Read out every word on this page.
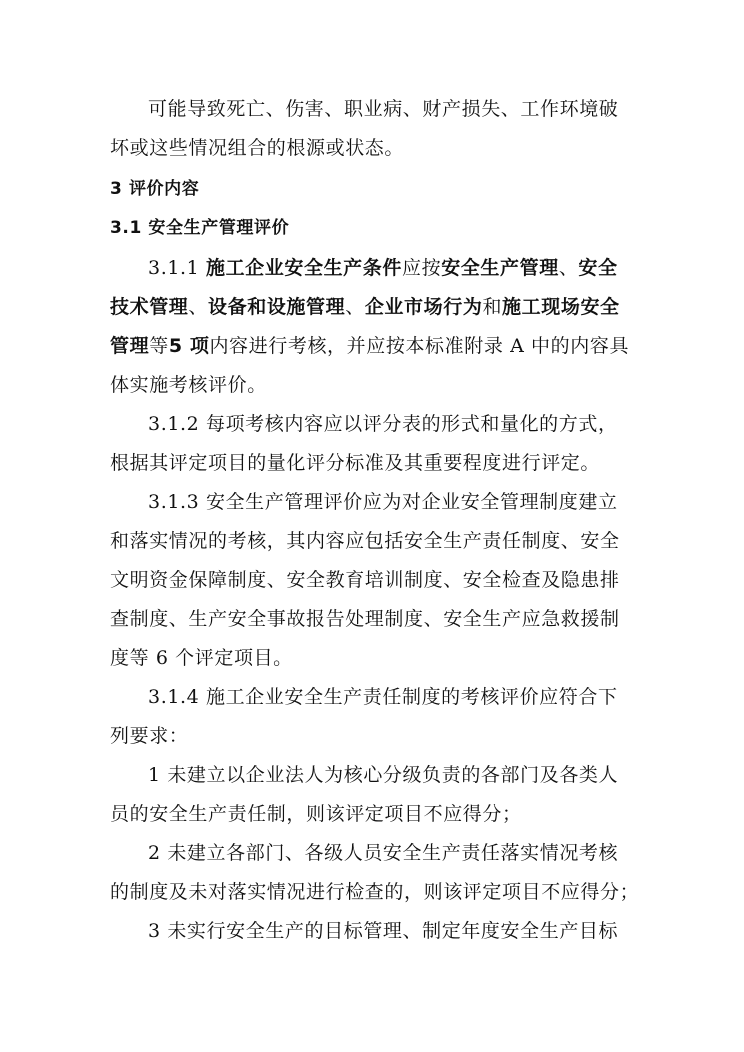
可能导致死亡、伤害、职业病、财产损失、工作环境破
坏或这些情况组合的根源或状态。
3 评价内容
3.1 安全生产管理评价
3.1.1 施工企业安全生产条件应按安全生产管理、安全
技术管理、设备和设施管理、企业市场行为和施工现场安全
管理等5 项内容进行考核，并应按本标准附录 A 中的内容具
体实施考核评价。
3.1.2 每项考核内容应以评分表的形式和量化的方式，
根据其评定项目的量化评分标准及其重要程度进行评定。
3.1.3 安全生产管理评价应为对企业安全管理制度建立
和落实情况的考核，其内容应包括安全生产责任制度、安全
文明资金保障制度、安全教育培训制度、安全检查及隐患排
查制度、生产安全事故报告处理制度、安全生产应急救援制
度等 6 个评定项目。
3.1.4 施工企业安全生产责任制度的考核评价应符合下
列要求：
1 未建立以企业法人为核心分级负责的各部门及各类人
员的安全生产责任制，则该评定项目不应得分；
2 未建立各部门、各级人员安全生产责任落实情况考核
的制度及未对落实情况进行检查的，则该评定项目不应得分；
3 未实行安全生产的目标管理、制定年度安全生产目标
